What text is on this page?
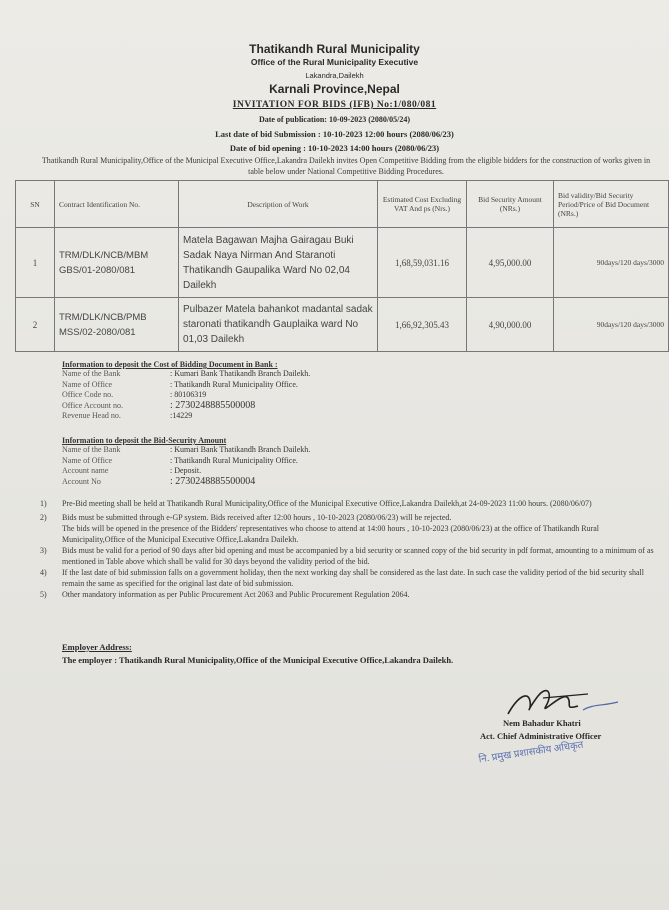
Thatikandh Rural Municipality
Office of the Rural Municipality Executive
Lakandra,Dailekh
Karnali Province,Nepal
INVITATION FOR BIDS (IFB) No:1/080/081
Date of publication: 10-09-2023 (2080/05/24)
Last date of bid Submission : 10-10-2023 12:00 hours (2080/06/23)
Date of bid opening : 10-10-2023 14:00 hours (2080/06/23)
Thatikandh Rural Municipality,Office of the Municipal Executive Office,Lakandra Dailekh invites Open Competitive Bidding from the eligible bidders for the construction of works given in table below under National Competitive Bidding Procedures.
SN	Contract Identification No.	Description of Work	Estimated Cost Excluding VAT And ps (Nrs.)	Bid Security Amount (NRs.)	Bid validity/Bid Security Period/Price of Bid Document (NRs.)
1	TRM/DLK/NCB/MBM GBS/01-2080/081	Matela Bagawan Majha Gairagau Buki Sadak Naya Nirman And Staranoti Thatikandh Gaupalika Ward No 02,04 Dailekh	1,68,59,031.16	4,95,000.00	90days/120 days/3000
2	TRM/DLK/NCB/PMB MSS/02-2080/081	Pulbazer Matela bahankot madantal sadak staronati thatikandh Gauplaika ward No 01,03 Dailekh	1,66,92,305.43	4,90,000.00	90days/120 days/3000
Information to deposit the Cost of Bidding Document in Bank :
Name of the Bank	: Kumari Bank Thatikandh Branch Dailekh.
Name of Office	: Thatikandh Rural Municipality Office.
Office Code no.	: 80106319
Office Account no.	: 2730248885500008
Revenue Head no.	:14229
Information to deposit the Bid-Security Amount
Name of the Bank	: Kumari Bank Thatikandh Branch Dailekh.
Name of Office	: Thatikandh Rural Municipality Office.
Account name	: Deposit.
Account No	: 2730248885500004
1)	Pre-Bid meeting shall be held at Thatikandh Rural Municipality,Office of the Municipal Executive Office,Lakandra Dailekh,at 24-09-2023 11:00 hours. (2080/06/07)
2)	Bids must be submitted through e-GP system. Bids received after 12:00 hours , 10-10-2023 (2080/06/23) will be rejected.
The bids will be opened in the presence of the Bidders' representatives who choose to attend at 14:00 hours , 10-10-2023 (2080/06/23) at the office of Thatikandh Rural Municipality,Office of the Municipal Executive Office,Lakandra Dailekh.
3)	Bids must be valid for a period of 90 days after bid opening and must be accompanied by a bid security or scanned copy of the bid security in pdf format, amounting to a minimum of as mentioned in Table above which shall be valid for 30 days beyond the validity period of the bid.
4)	If the last date of bid submission falls on a government holiday, then the next working day shall be considered as the last date. In such case the validity period of the bid security shall remain the same as specified for the original last date of bid submission.
5)	Other mandatory information as per Public Procurement Act 2063 and Public Procurement Regulation 2064.
Employer Address:
The employer : Thatikandh Rural Municipality,Office of the Municipal Executive Office,Lakandra Dailekh.
Nem Bahadur Khatri
Act. Chief Administrative Officer
नि. प्रमुख प्रशासकीय अधिकृत
